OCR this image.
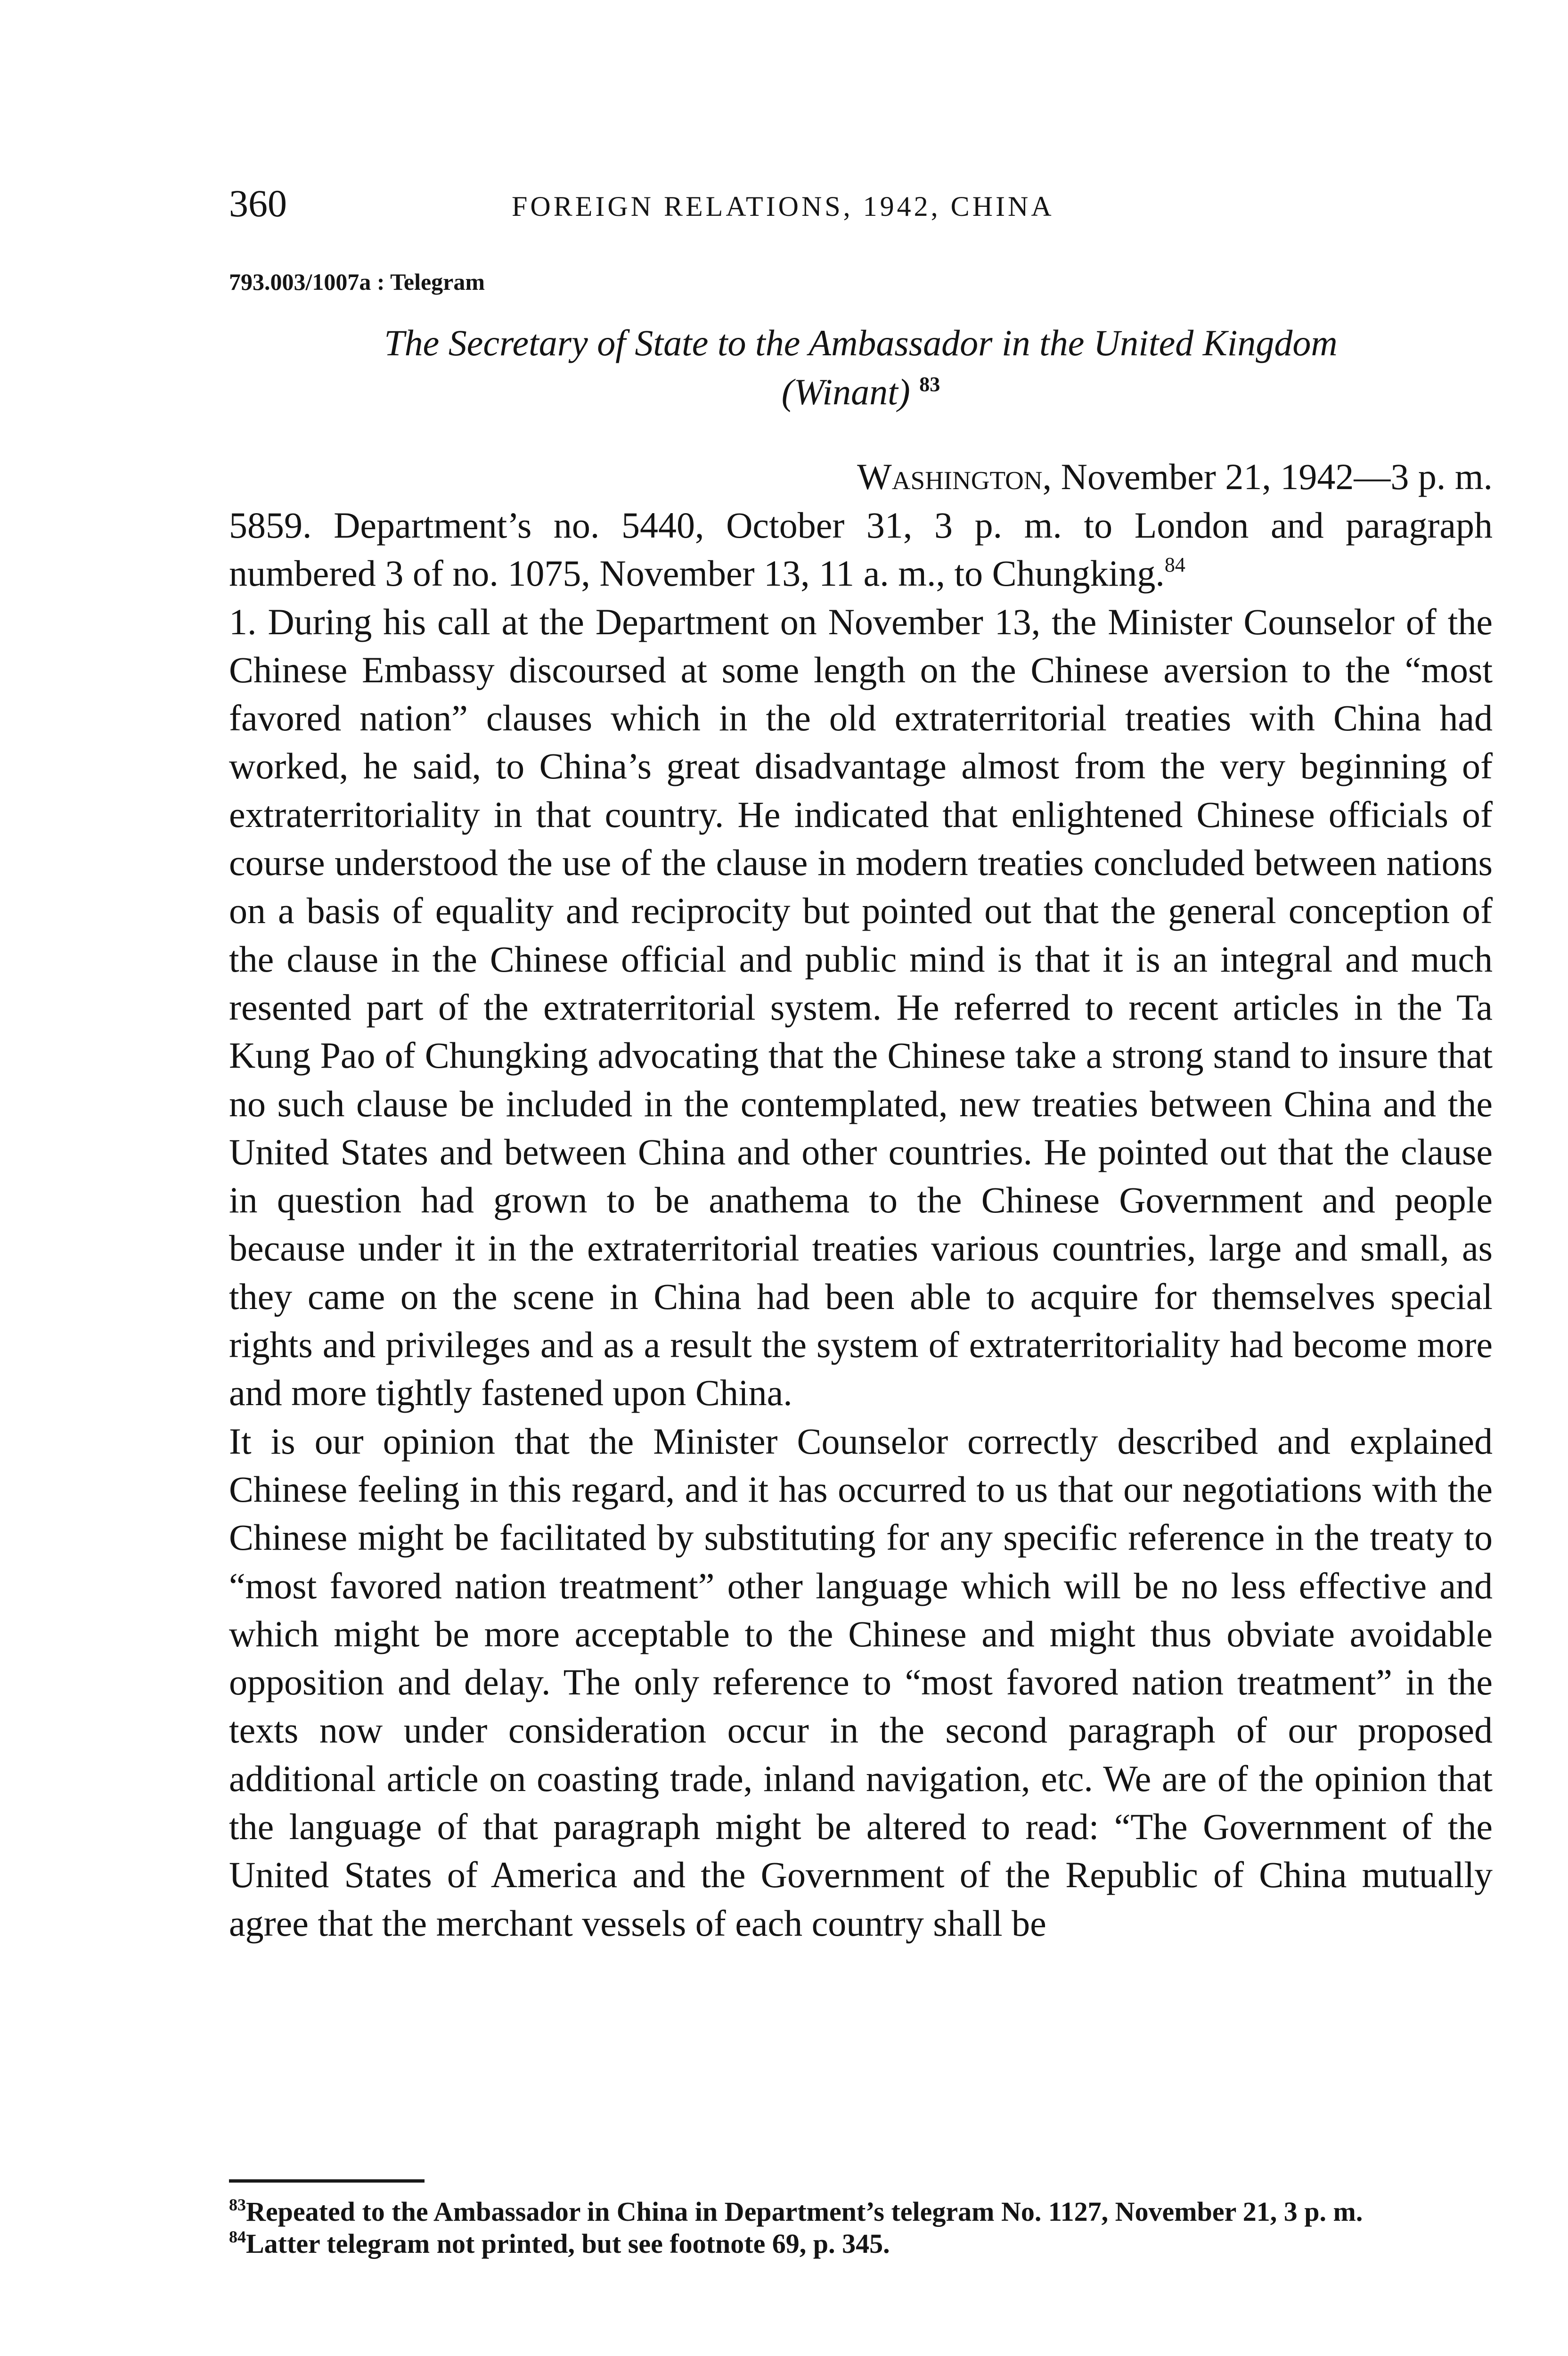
360	FOREIGN RELATIONS, 1942, CHINA
793.003/1007a : Telegram
The Secretary of State to the Ambassador in the United Kingdom
(Winant) $^{83}$
Washington, November 21, 1942—3 p. m.

5859. Department’s no. 5440, October 31, 3 p. m. to London and paragraph numbered 3 of no. 1075, November 13, 11 a. m., to Chungking.$^{84}$

1. During his call at the Department on November 13, the Minister Counselor of the Chinese Embassy discoursed at some length on the Chinese aversion to the “most favored nation” clauses which in the old extraterritorial treaties with China had worked, he said, to China’s great disadvantage almost from the very beginning of extraterritoriality in that country. He indicated that enlightened Chinese officials of course understood the use of the clause in modern treaties concluded between nations on a basis of equality and reciprocity but pointed out that the general conception of the clause in the Chinese official and public mind is that it is an integral and much resented part of the extraterritorial system. He referred to recent articles in the Ta Kung Pao of Chungking advocating that the Chinese take a strong stand to insure that no such clause be included in the contemplated, new treaties between China and the United States and between China and other countries. He pointed out that the clause in question had grown to be anathema to the Chinese Government and people because under it in the extraterritorial treaties various countries, large and small, as they came on the scene in China had been able to acquire for themselves special rights and privileges and as a result the system of extraterritoriality had become more and more tightly fastened upon China.

It is our opinion that the Minister Counselor correctly described and explained Chinese feeling in this regard, and it has occurred to us that our negotiations with the Chinese might be facilitated by substituting for any specific reference in the treaty to “most favored nation treatment” other language which will be no less effective and which might be more acceptable to the Chinese and might thus obviate avoidable opposition and delay. The only reference to “most favored nation treatment” in the texts now under consideration occur in the second paragraph of our proposed additional article on coasting trade, inland navigation, etc. We are of the opinion that the language of that paragraph might be altered to read: “The Government of the United States of America and the Government of the Republic of China mutually agree that the merchant vessels of each country shall be

$^{83}$Repeated to the Ambassador in China in Department’s telegram No. 1127, November 21, 3 p. m.

$^{84}$Latter telegram not printed, but see footnote 69, p. 345.
